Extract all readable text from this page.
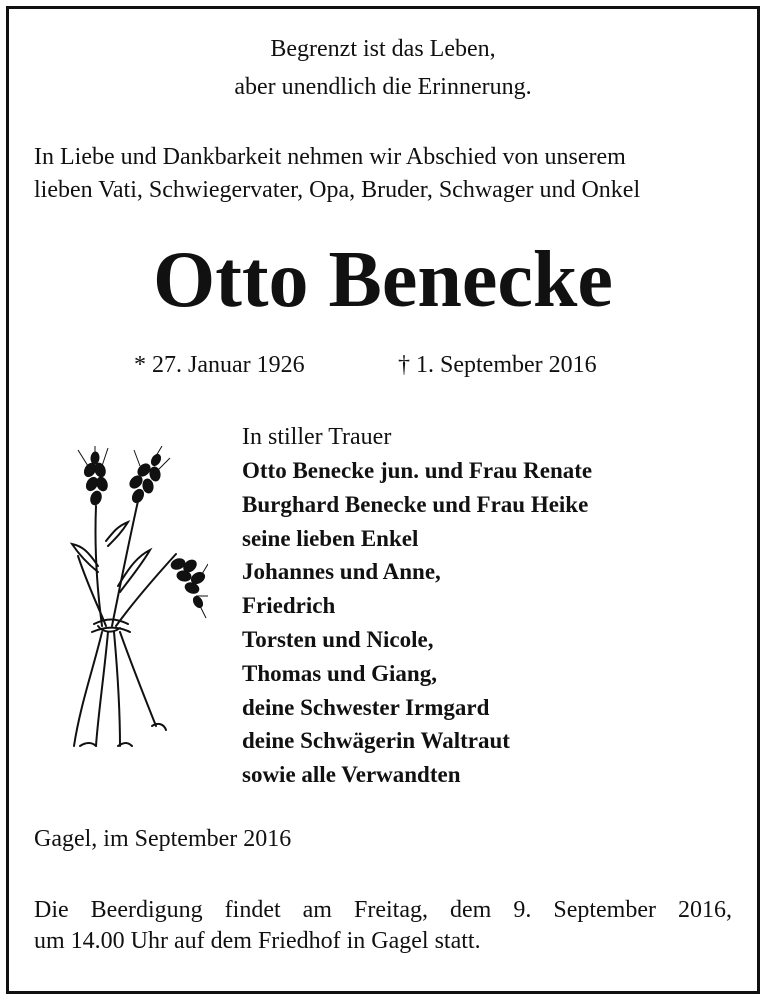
Begrenzt ist das Leben,
aber unendlich die Erinnerung.
In Liebe und Dankbarkeit nehmen wir Abschied von unserem
lieben Vati, Schwiegervater, Opa, Bruder, Schwager und Onkel
Otto Benecke
* 27. Januar 1926	† 1. September 2016
In stiller Trauer
Otto Benecke jun. und Frau Renate
Burghard Benecke und Frau Heike
seine lieben Enkel
Johannes und Anne,
Friedrich
Torsten und Nicole,
Thomas und Giang,
deine Schwester Irmgard
deine Schwägerin Waltraut
sowie alle Verwandten
Gagel, im September 2016
Die Beerdigung findet am Freitag, dem 9. September 2016,
um 14.00 Uhr auf dem Friedhof in Gagel statt.
